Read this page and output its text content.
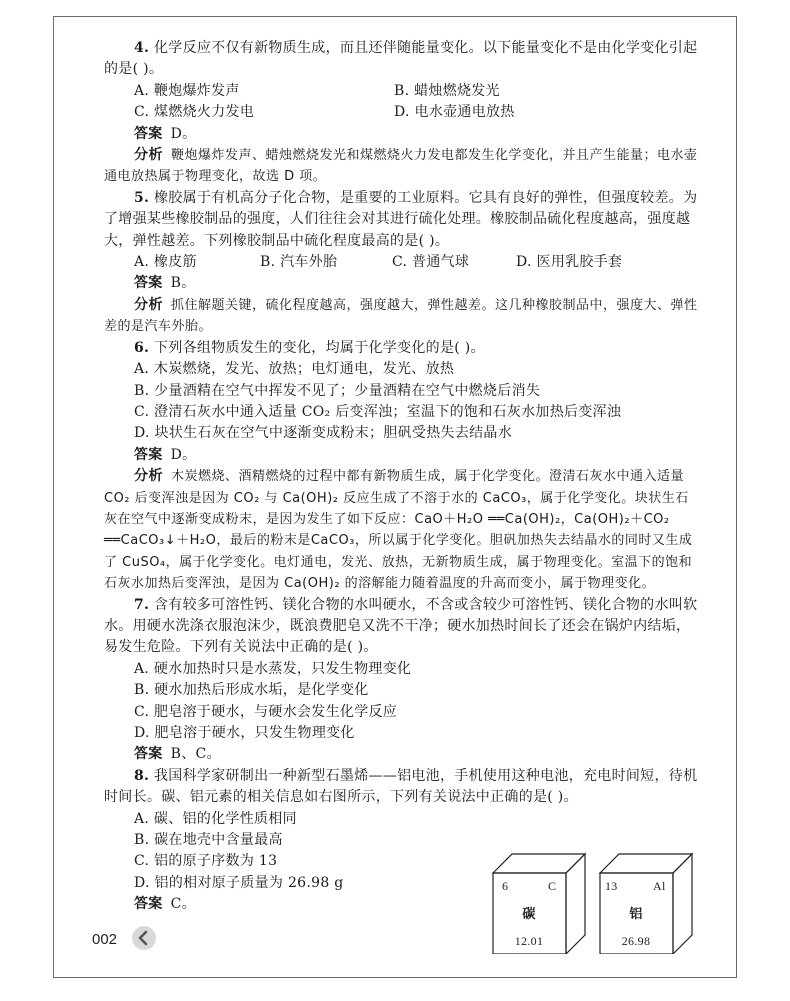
4. 化学反应不仅有新物质生成，而且还伴随能量变化。以下能量变化不是由化学变化引起的是( )。

A. 鞭炮爆炸发声	B. 蜡烛燃烧发光
C. 煤燃烧火力发电	D. 电水壶通电放热

答案 D。

分析 鞭炮爆炸发声、蜡烛燃烧发光和煤燃烧火力发电都发生化学变化，并且产生能量；电水壶通电放热属于物理变化，故选 D 项。

5. 橡胶属于有机高分子化合物，是重要的工业原料。它具有良好的弹性，但强度较差。为了增强某些橡胶制品的强度，人们往往会对其进行硫化处理。橡胶制品硫化程度越高，强度越大，弹性越差。下列橡胶制品中硫化程度最高的是( )。

A. 橡皮筋	B. 汽车外胎	C. 普通气球	D. 医用乳胶手套

答案 B。

分析 抓住解题关键，硫化程度越高，强度越大，弹性越差。这几种橡胶制品中，强度大、弹性差的是汽车外胎。

6. 下列各组物质发生的变化，均属于化学变化的是( )。

A. 木炭燃烧，发光、放热；电灯通电，发光、放热

B. 少量酒精在空气中挥发不见了；少量酒精在空气中燃烧后消失

C. 澄清石灰水中通入适量 CO₂ 后变浑浊；室温下的饱和石灰水加热后变浑浊

D. 块状生石灰在空气中逐渐变成粉末；胆矾受热失去结晶水

答案 D。

分析 木炭燃烧、酒精燃烧的过程中都有新物质生成，属于化学变化。澄清石灰水中通入适量 CO₂ 后变浑浊是因为 CO₂ 与 Ca(OH)₂ 反应生成了不溶于水的 CaCO₃，属于化学变化。块状生石灰在空气中逐渐变成粉末，是因为发生了如下反应：CaO＋H₂O ══Ca(OH)₂，Ca(OH)₂＋CO₂ ══CaCO₃↓＋H₂O，最后的粉末是CaCO₃，所以属于化学变化。胆矾加热失去结晶水的同时又生成了 CuSO₄，属于化学变化。电灯通电，发光、放热，无新物质生成，属于物理变化。室温下的饱和石灰水加热后变浑浊，是因为 Ca(OH)₂ 的溶解能力随着温度的升高而变小，属于物理变化。

7. 含有较多可溶性钙、镁化合物的水叫硬水，不含或含较少可溶性钙、镁化合物的水叫软水。用硬水洗涤衣服泡沫少，既浪费肥皂又洗不干净；硬水加热时间长了还会在锅炉内结垢，易发生危险。下列有关说法中正确的是( )。

A. 硬水加热时只是水蒸发，只发生物理变化

B. 硬水加热后形成水垢，是化学变化

C. 肥皂溶于硬水，与硬水会发生化学反应

D. 肥皂溶于硬水，只发生物理变化

答案 B、C。

8. 我国科学家研制出一种新型石墨烯——铝电池，手机使用这种电池，充电时间短，待机时间长。碳、铝元素的相关信息如右图所示，下列有关说法中正确的是( )。

A. 碳、铝的化学性质相同

B. 碳在地壳中含量最高

C. 铝的原子序数为 13

D. 铝的相对原子质量为 26.98 g

答案 C。

6	C
碳
12.01
13	Al
铝
26.98
002
